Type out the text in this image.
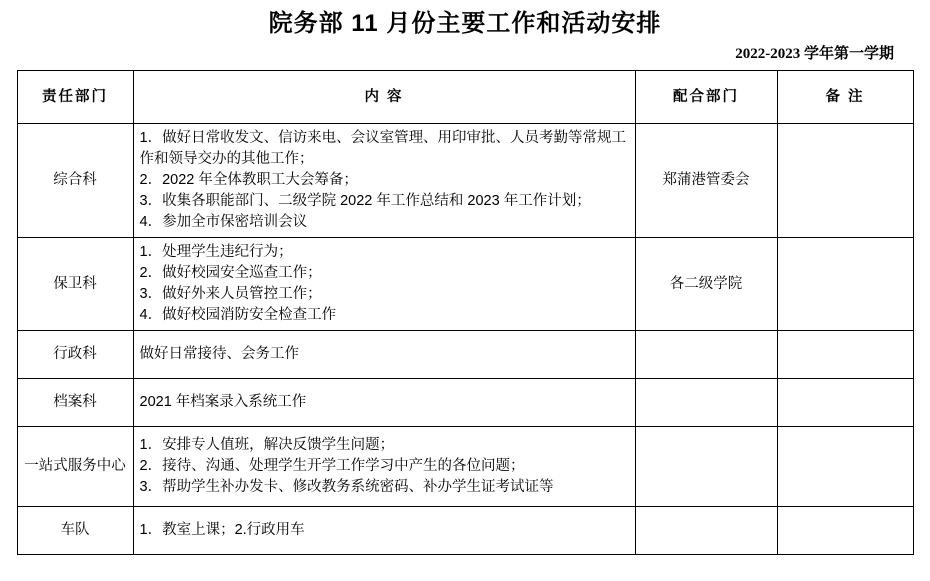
院务部 11 月份主要工作和活动安排
2022-2023 学年第一学期
责任部门	内 容	配合部门	备 注
综合科	1．做好日常收发文、信访来电、会议室管理、用印审批、人员考勤等常规工作和领导交办的其他工作；
2．2022 年全体教职工大会筹备；
3．收集各职能部门、二级学院 2022 年工作总结和 2023 年工作计划；
4．参加全市保密培训会议	郑蒲港管委会	
保卫科	1．处理学生违纪行为；
2．做好校园安全巡查工作；
3．做好外来人员管控工作；
4．做好校园消防安全检查工作	各二级学院	
行政科	做好日常接待、会务工作		

档案科	2021 年档案录入系统工作		

一站式服务中心	1．安排专人值班，解决反馈学生问题；
2．接待、沟通、处理学生开学工作学习中产生的各位问题；
3．帮助学生补办发卡、修改教务系统密码、补办学生证考试证等		

车队	1．教室上课；2.行政用车		
